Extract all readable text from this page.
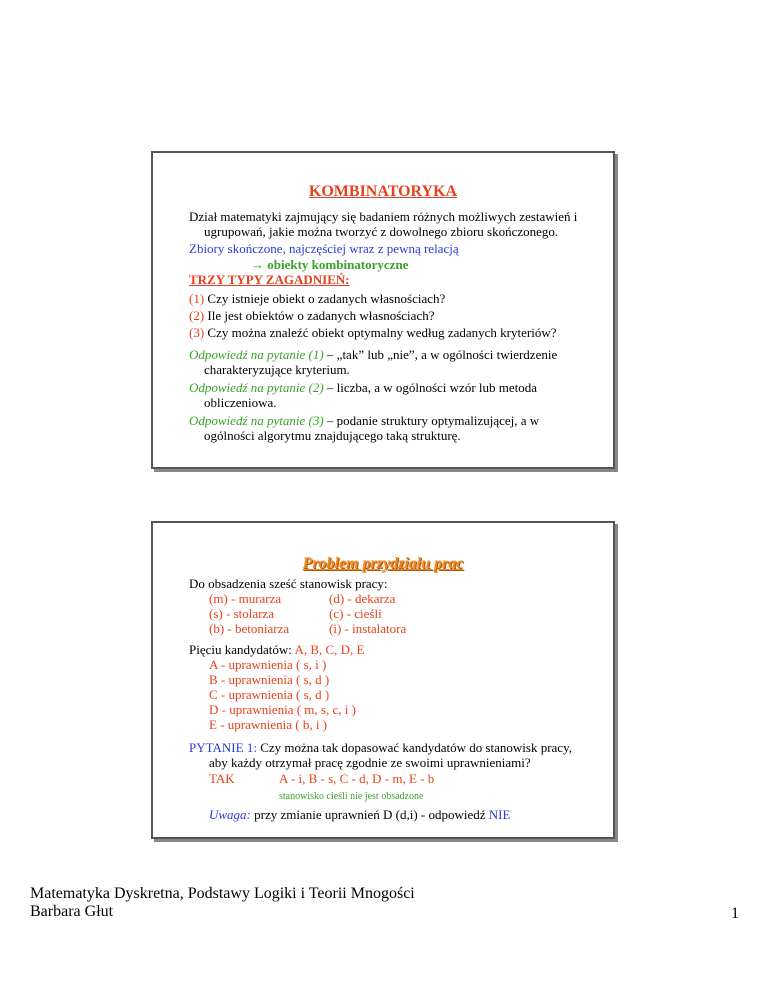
KOMBINATORYKA
Dział matematyki zajmujący się badaniem różnych możliwych zestawień i
ugrupowań, jakie można tworzyć z dowolnego zbioru skończonego.
Zbiory skończone, najczęściej wraz z pewną relacją
→ obiekty kombinatoryczne
TRZY TYPY ZAGADNIEŃ:
(1) Czy istnieje obiekt o zadanych własnościach?
(2) Ile jest obiektów o zadanych własnościach?
(3) Czy można znaleźć obiekt optymalny według zadanych kryteriów?
Odpowiedź na pytanie (1) – „tak” lub „nie”, a w ogólności twierdzenie
charakteryzujące kryterium.
Odpowiedź na pytanie (2) – liczba, a w ogólności wzór lub metoda
obliczeniowa.
Odpowiedź na pytanie (3) – podanie struktury optymalizującej, a w
ogólności algorytmu znajdującego taką strukturę.
Problem przydziału prac
Do obsadzenia sześć stanowisk pracy:
(m) - murarza
(s) - stolarza
(b) - betoniarza
(d) - dekarza
(c) - cieśli
(i) - instalatora
Pięciu kandydatów: A, B, C, D, E
A - uprawnienia ( s, i )
B - uprawnienia ( s, d )
C - uprawnienia ( s, d )
D - uprawnienia ( m, s, c, i )
E - uprawnienia ( b, i )
PYTANIE 1: Czy można tak dopasować kandydatów do stanowisk pracy,
aby każdy otrzymał pracę zgodnie ze swoimi uprawnieniami?
TAK	A - i, B - s, C - d, D - m, E - b
stanowisko cieśli nie jest obsadzone
Uwaga: przy zmianie uprawnień D (d,i) - odpowiedź NIE
Matematyka Dyskretna, Podstawy Logiki i Teorii Mnogości
Barbara Głut	1
